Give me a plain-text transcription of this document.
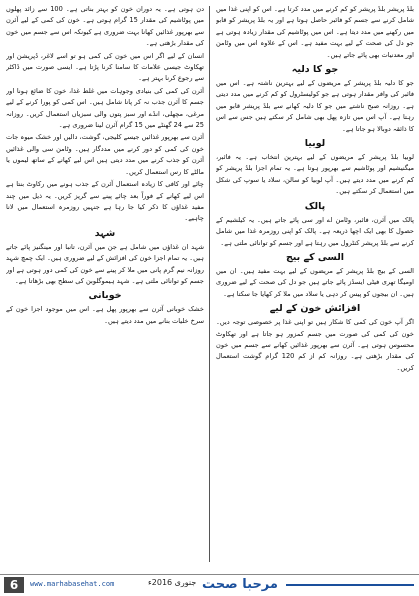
بلڈ پریشر بلڈ پریشر کو کم کرنے میں مدد کرتا ہے۔ اس کو اپنی غذا میں شامل کرنے سے جسم کو فائبر حاصل ہوتا ہے اور یہ بلڈ پریشر کو قابو میں رکھنے میں مدد دیتا ہے۔ اس میں پوٹاشیم کی مقدار زیادہ ہوتی ہے جو دل کی صحت کے لیے بہت مفید ہے۔ اس کے علاوہ اس میں وٹامن اور معدنیات بھی پائے جاتے ہیں۔

جو کا دلیہ

جو کا دلیہ بلڈ پریشر کے مریضوں کے لیے بہترین ناشتہ ہے۔ اس میں فائبر کی وافر مقدار ہوتی ہے جو کولیسٹرول کو کم کرنے میں مدد دیتی ہے۔ روزانہ صبح ناشتے میں جو کا دلیہ کھانے سے بلڈ پریشر قابو میں رہتا ہے۔ آپ اس میں تازہ پھل بھی شامل کر سکتے ہیں جس سے اس کا ذائقہ دوبالا ہو جاتا ہے۔

لوبیا

لوبیا بلڈ پریشر کے مریضوں کے لیے بہترین انتخاب ہے۔ یہ فائبر، میگنیشیم اور پوٹاشیم سے بھرپور ہوتا ہے۔ یہ تمام اجزا بلڈ پریشر کو کم کرنے میں مدد دیتے ہیں۔ آپ لوبیا کو سالن، سلاد یا سوپ کی شکل میں استعمال کر سکتے ہیں۔

پالک

پالک میں آئرن، فائبر، وٹامن اے اور سی پائے جاتے ہیں۔ یہ کیلشیم کے حصول کا بھی ایک اچھا ذریعہ ہے۔ پالک کو اپنی روزمرہ غذا میں شامل کرنے سے بلڈ پریشر کنٹرول میں رہتا ہے اور جسم کو توانائی ملتی ہے۔

السی کے بیج

السی کے بیج بلڈ پریشر کے مریضوں کے لیے بہت مفید ہیں۔ ان میں اومیگا تھری فیٹی ایسڈز پائے جاتے ہیں جو دل کی صحت کے لیے ضروری ہیں۔ ان بیجوں کو پیس کر دہی یا سلاد میں ملا کر کھایا جا سکتا ہے۔

افزائش خون کے لیے

اگر آپ خون کی کمی کا شکار ہیں تو اپنی غذا پر خصوصی توجہ دیں۔ خون کی کمی کی صورت میں جسم کمزور ہو جاتا ہے اور تھکاوٹ محسوس ہوتی ہے۔ آئرن سے بھرپور غذائیں کھانے سے جسم میں خون کی مقدار بڑھتی ہے۔ روزانہ کم از کم 120 گرام گوشت استعمال کریں۔

دن ہوتی ہے۔ یہ دوران خون کو بہتر بناتی ہے۔ 100 سے زائد پھلوں میں پوٹاشیم کی مقدار 15 گرام ہوتی ہے۔ خون کی کمی کے لیے آئرن سے بھرپور غذائیں کھانا بہت ضروری ہے کیونکہ اس سے جسم میں خون کی مقدار بڑھتی ہے۔

انسان کے لیے اگر اس میں خون کی کمی ہو تو اسے لاغر، ڈپریشن اور تھکاوٹ جیسی علامات کا سامنا کرنا پڑتا ہے۔ ایسی صورت میں ڈاکٹر سے رجوع کرنا بہتر ہے۔

آئرن کی کمی کی بنیادی وجوہات میں غلط غذا، خون کا ضائع ہونا اور جسم کا آئرن جذب نہ کر پانا شامل ہیں۔ اس کمی کو پورا کرنے کے لیے مرغی، مچھلی، انڈے اور سبز پتوں والی سبزیاں استعمال کریں۔ روزانہ 25 سے 24 گھنٹے میں 15 گرام آئرن لینا ضروری ہے۔

آئرن سے بھرپور غذائیں جیسے کلیجی، گوشت، دالیں اور خشک میوہ جات خون کی کمی کو دور کرنے میں مددگار ہیں۔ وٹامن سی والی غذائیں آئرن کو جذب کرنے میں مدد دیتی ہیں اس لیے کھانے کے ساتھ لیموں یا مالٹے کا رس استعمال کریں۔

چائے اور کافی کا زیادہ استعمال آئرن کے جذب ہونے میں رکاوٹ بنتا ہے اس لیے کھانے کے فوراً بعد چائے پینے سے گریز کریں۔ یہ ذیل میں چند مفید غذاؤں کا ذکر کیا جا رہا ہے جنہیں روزمرہ استعمال میں لانا چاہیے۔

شہد

شہد ان غذاؤں میں شامل ہے جن میں آئرن، تانبا اور مینگنیز پائے جاتے ہیں۔ یہ تمام اجزا خون کی افزائش کے لیے ضروری ہیں۔ ایک چمچ شہد روزانہ نیم گرم پانی میں ملا کر پینے سے خون کی کمی دور ہوتی ہے اور جسم کو توانائی ملتی ہے۔ شہد ہیموگلوبن کی سطح بھی بڑھاتا ہے۔

خوبانی

خشک خوبانی آئرن سے بھرپور پھل ہے۔ اس میں موجود اجزا خون کے سرخ خلیات بنانے میں مدد دیتے ہیں۔

6	www.marhabasehat.com	جنوری 2016ء مرحبا صحت
